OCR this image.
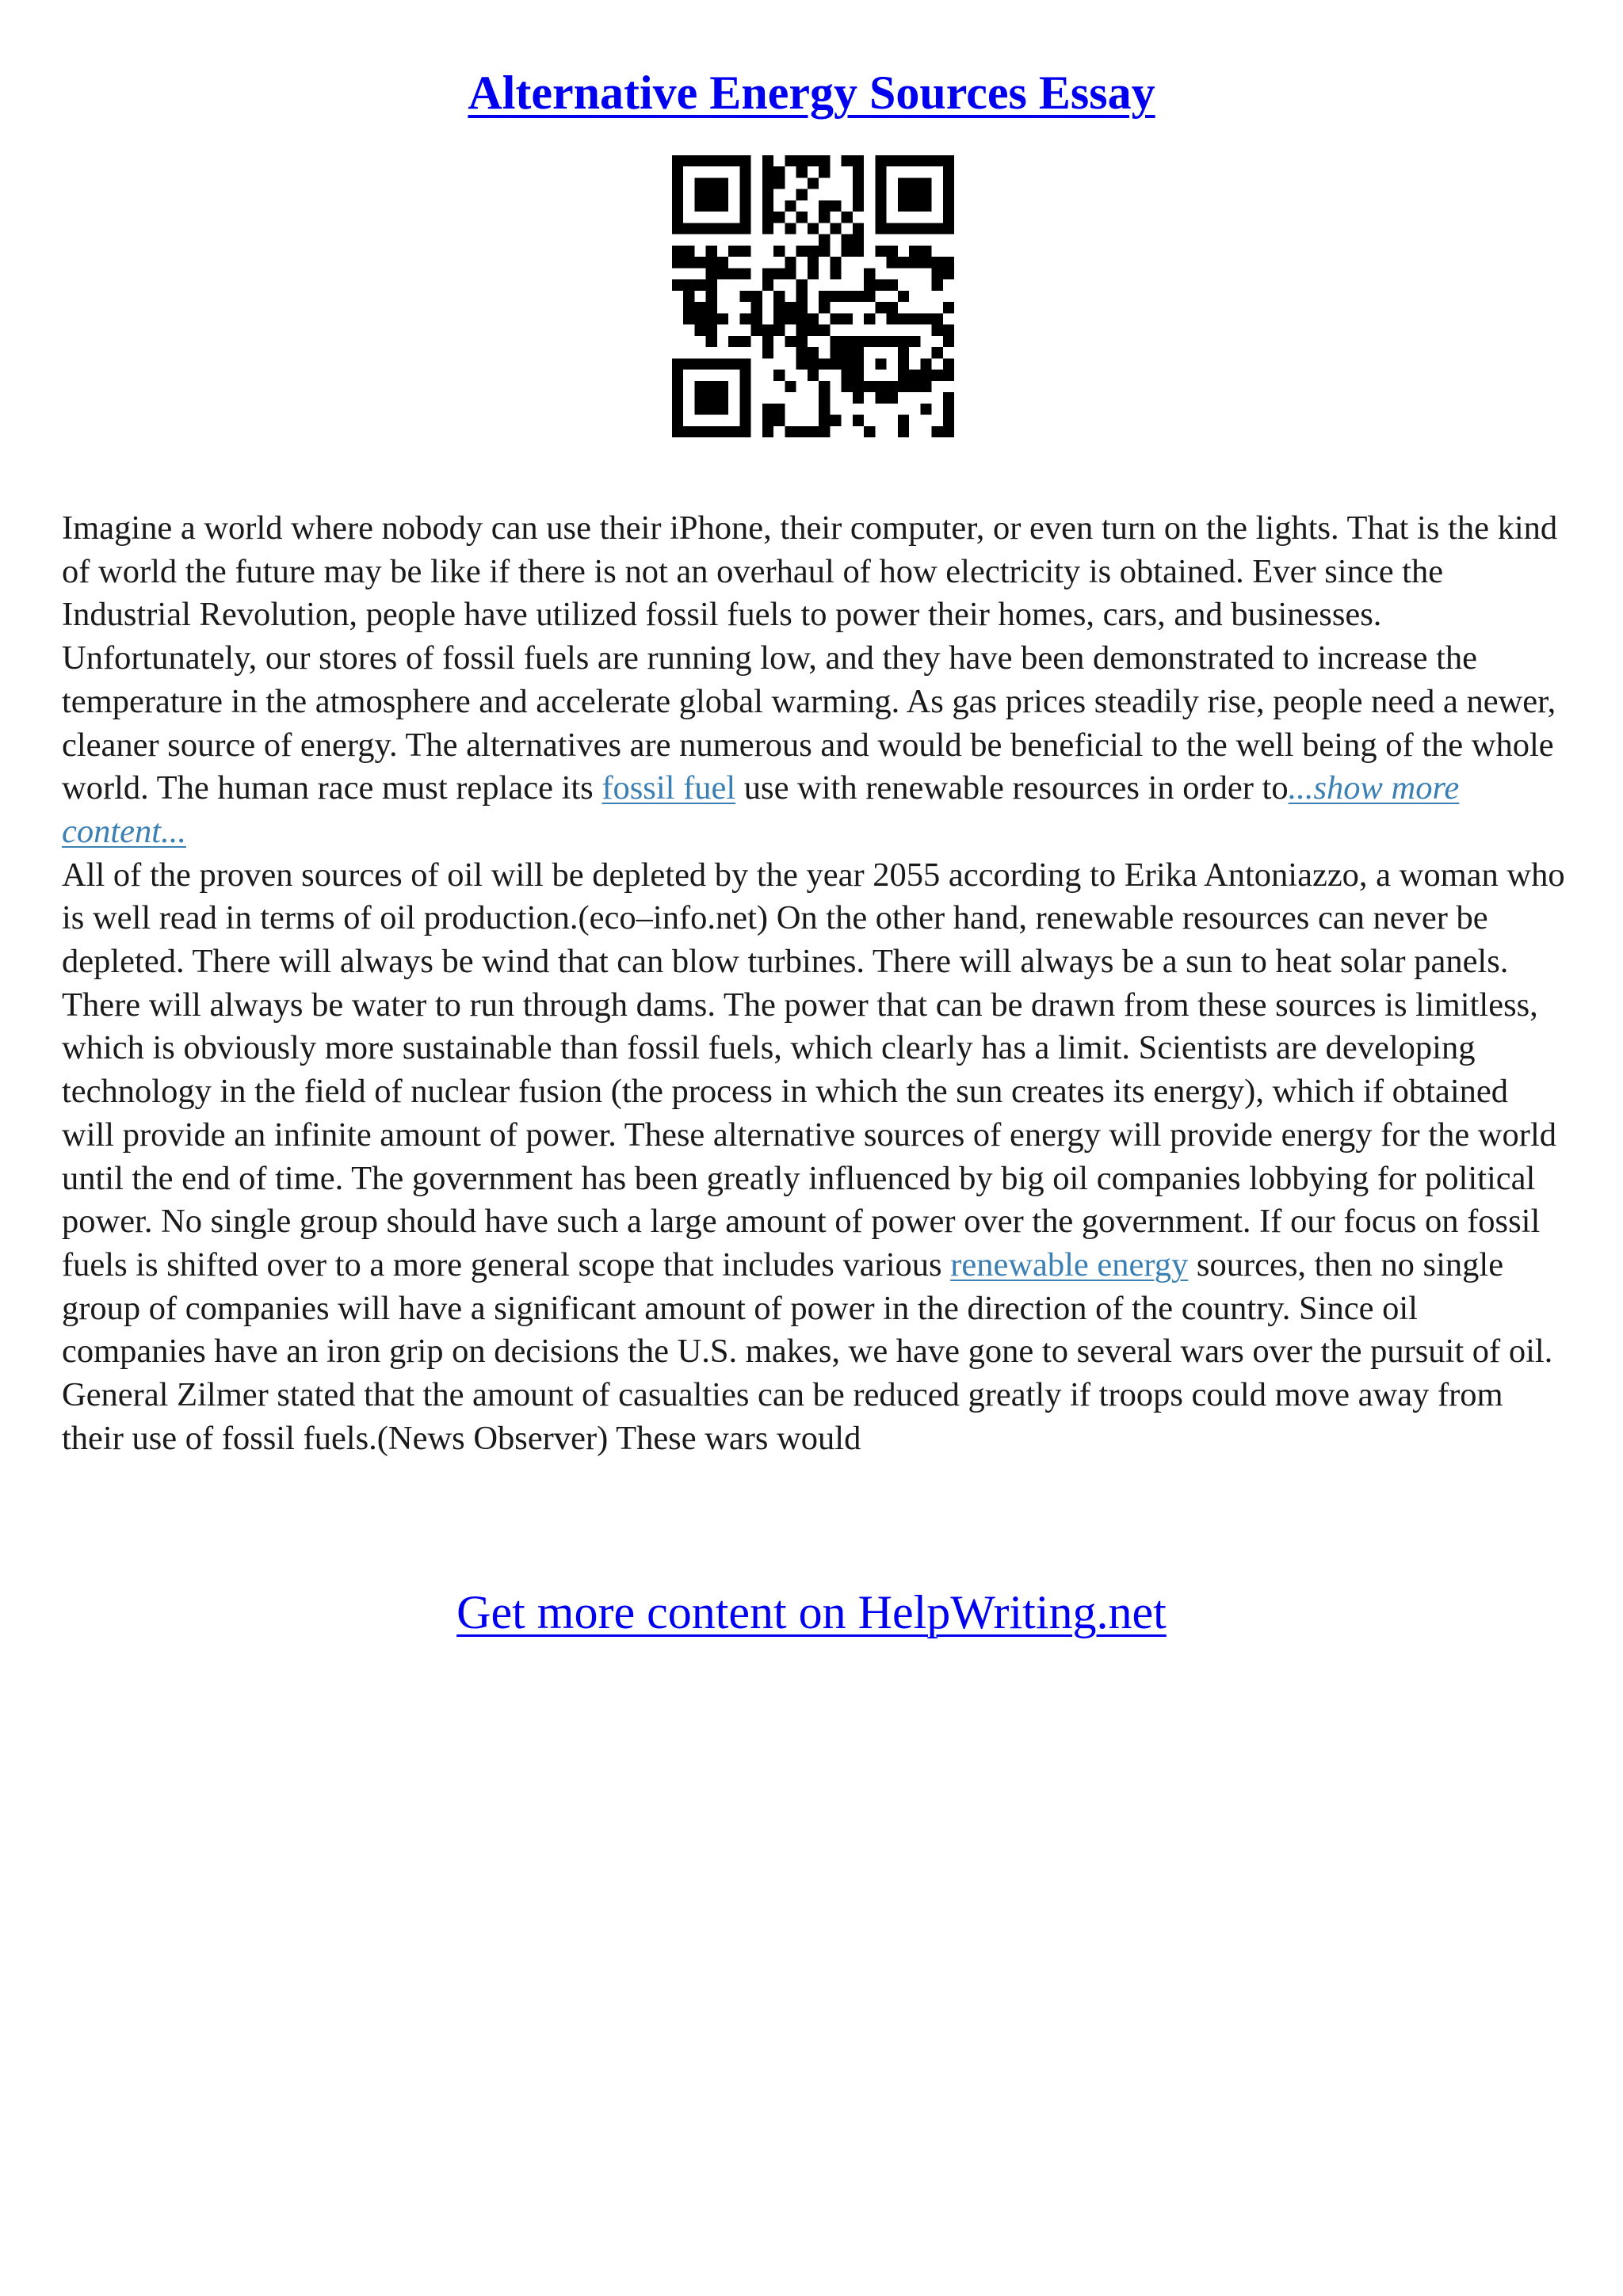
Alternative Energy Sources Essay

Imagine a world where nobody can use their iPhone, their computer, or even turn on the lights. That is the kind of world the future may be like if there is not an overhaul of how electricity is obtained. Ever since the Industrial Revolution, people have utilized fossil fuels to power their homes, cars, and businesses. Unfortunately, our stores of fossil fuels are running low, and they have been demonstrated to increase the temperature in the atmosphere and accelerate global warming. As gas prices steadily rise, people need a newer, cleaner source of energy. The alternatives are numerous and would be beneficial to the well being of the whole world. The human race must replace its fossil fuel use with renewable resources in order to...show more content...

All of the proven sources of oil will be depleted by the year 2055 according to Erika Antoniazzo, a woman who is well read in terms of oil production.(eco–info.net) On the other hand, renewable resources can never be depleted. There will always be wind that can blow turbines. There will always be a sun to heat solar panels. There will always be water to run through dams. The power that can be drawn from these sources is limitless, which is obviously more sustainable than fossil fuels, which clearly has a limit. Scientists are developing technology in the field of nuclear fusion (the process in which the sun creates its energy), which if obtained will provide an infinite amount of power. These alternative sources of energy will provide energy for the world until the end of time. The government has been greatly influenced by big oil companies lobbying for political power. No single group should have such a large amount of power over the government. If our focus on fossil fuels is shifted over to a more general scope that includes various renewable energy sources, then no single group of companies will have a significant amount of power in the direction of the country. Since oil companies have an iron grip on decisions the U.S. makes, we have gone to several wars over the pursuit of oil. General Zilmer stated that the amount of casualties can be reduced greatly if troops could move away from their use of fossil fuels.(News Observer) These wars would

Get more content on HelpWriting.net
